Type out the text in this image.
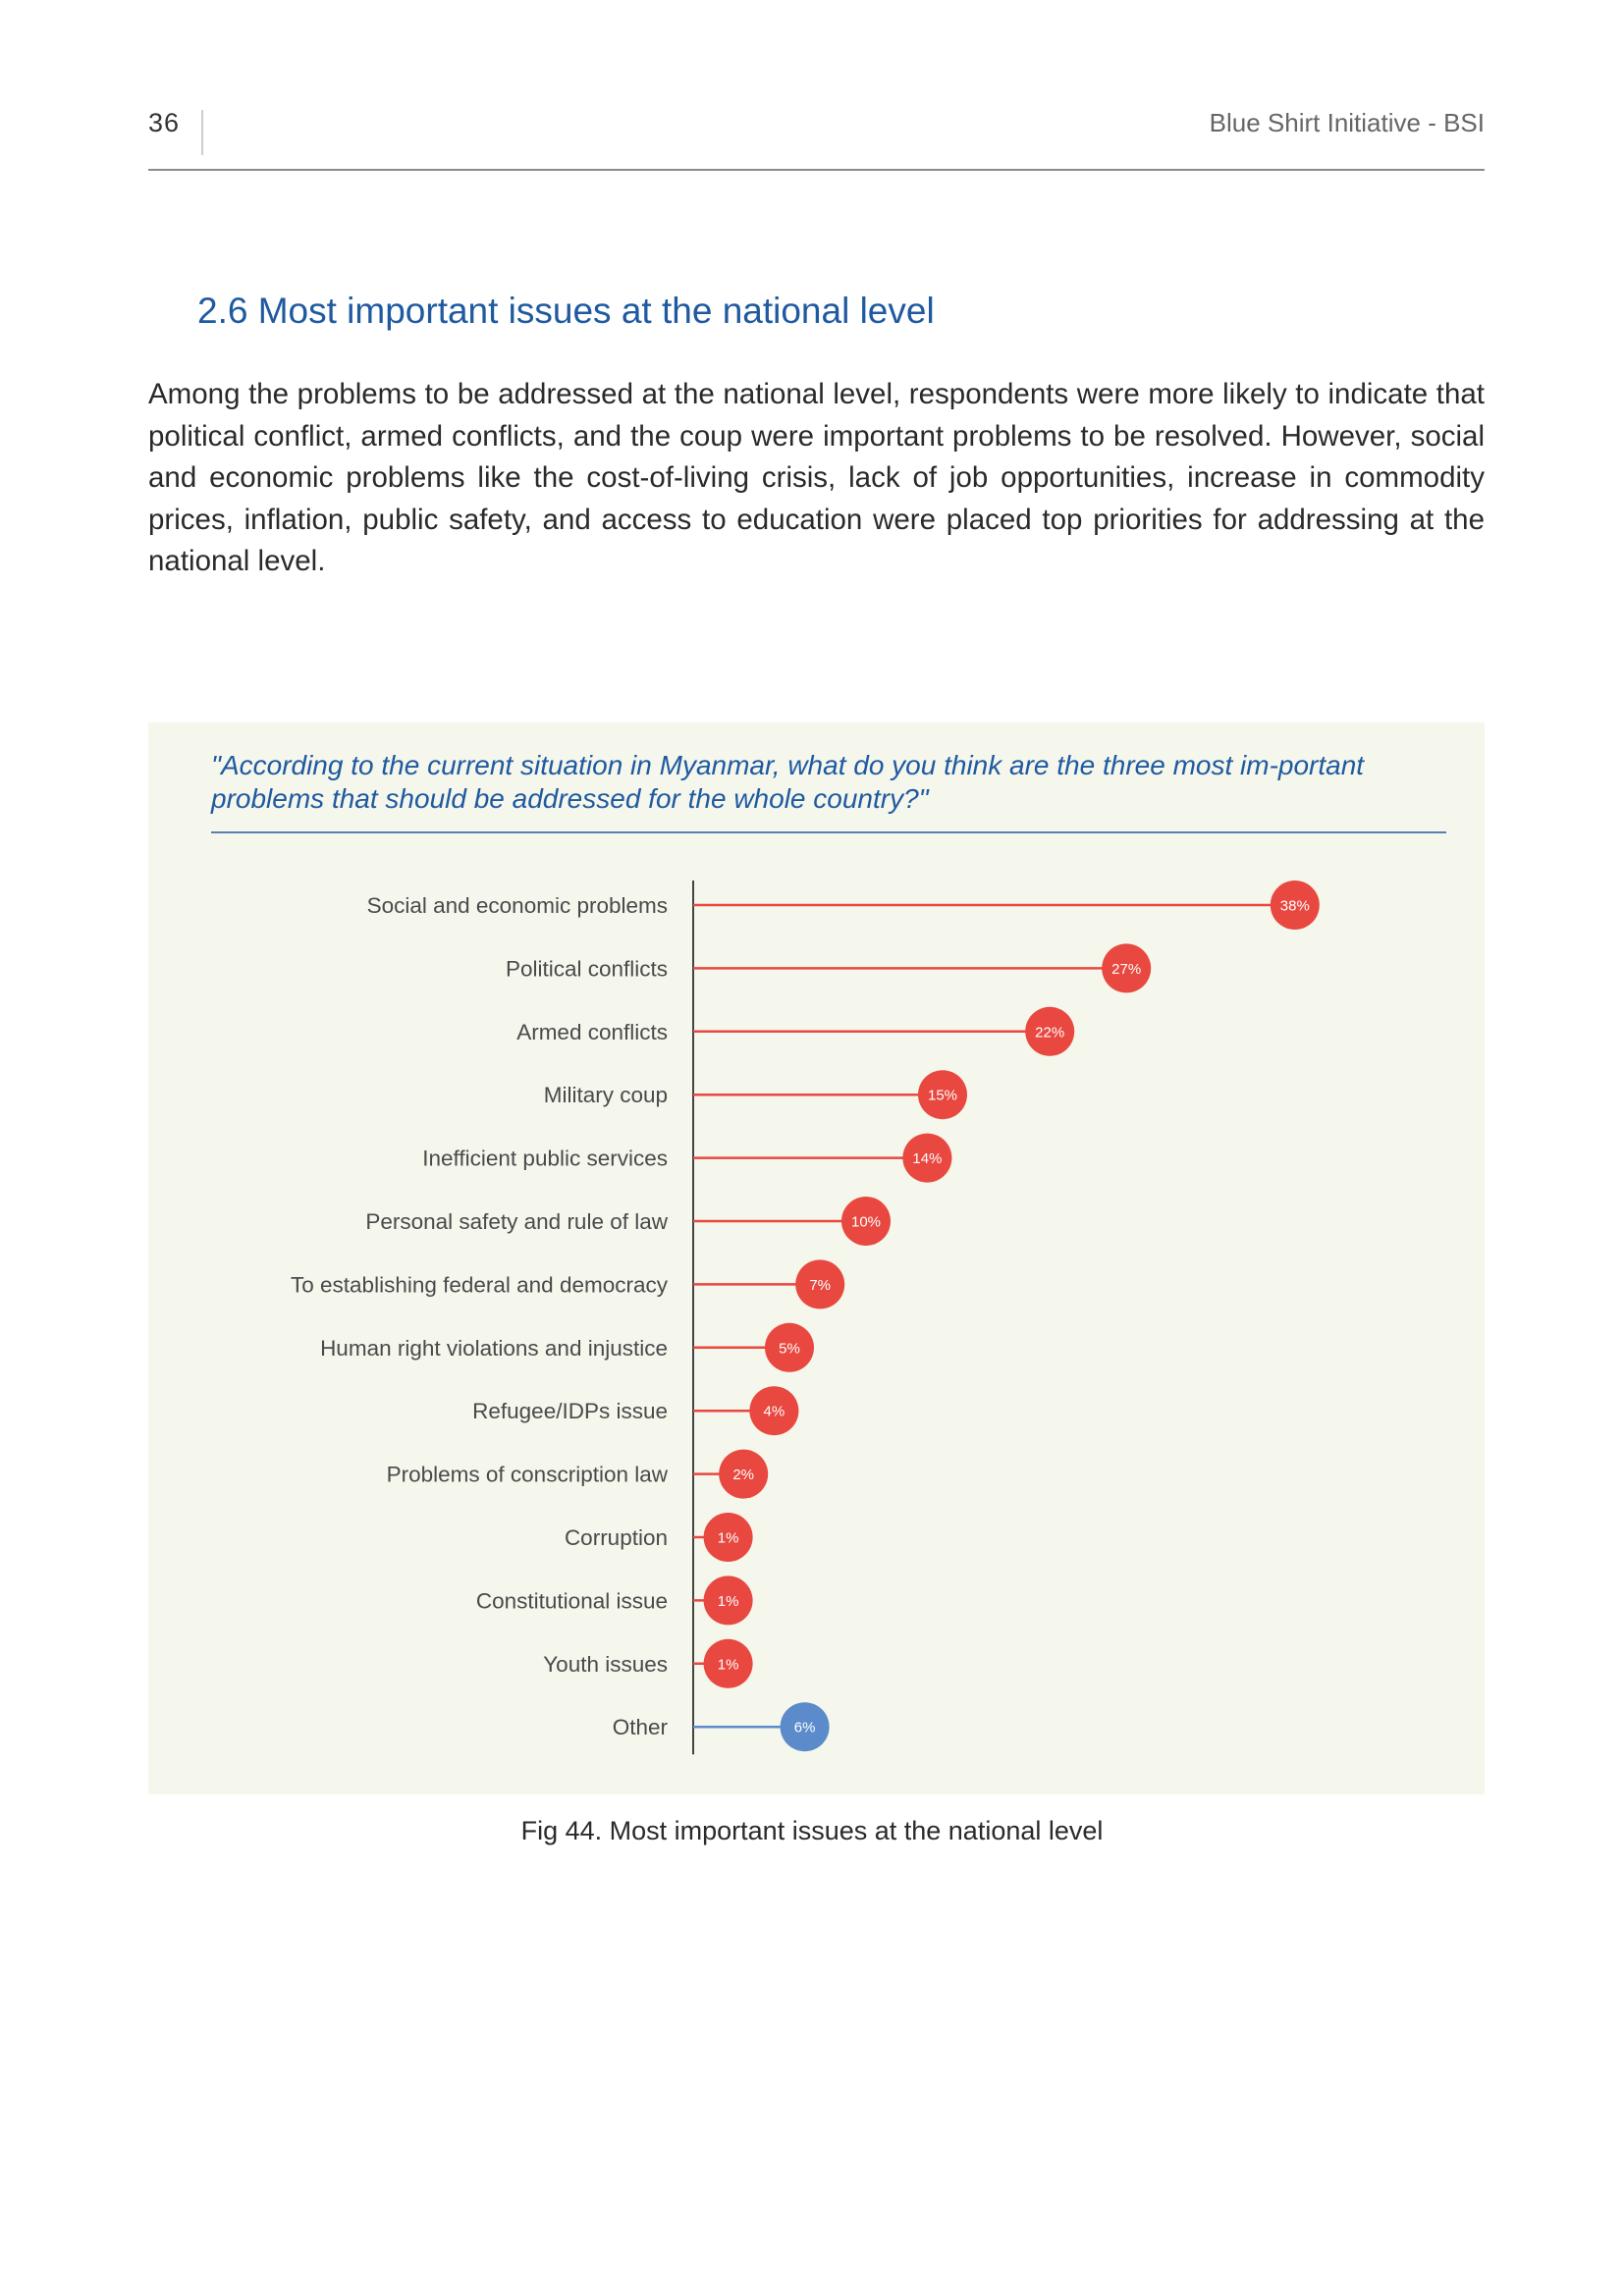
36	Blue Shirt Initiative - BSI
2.6 Most important issues at the national level

Among the problems to be addressed at the national level, respondents were more likely to indicate that political conflict, armed conflicts, and the coup were important problems to be resolved. However, social and economic problems like the cost-of-living crisis, lack of job opportunities, increase in commodity prices, inflation, public safety, and access to education were placed top priorities for addressing at the national level.

"According to the current situation in Myanmar, what do you think are the three most im-portant problems that should be addressed for the whole country?"

Social and economic problems	38%
Political conflicts	27%
Armed conflicts	22%
Military coup	15%
Inefficient public services	14%
Personal safety and rule of law	10%
To establishing federal and democracy	7%
Human right violations and injustice	5%
Refugee/IDPs issue	4%
Problems of conscription law	2%
Corruption	1%
Constitutional issue	1%
Youth issues	1%
Other	6%
Fig 44. Most important issues at the national level
